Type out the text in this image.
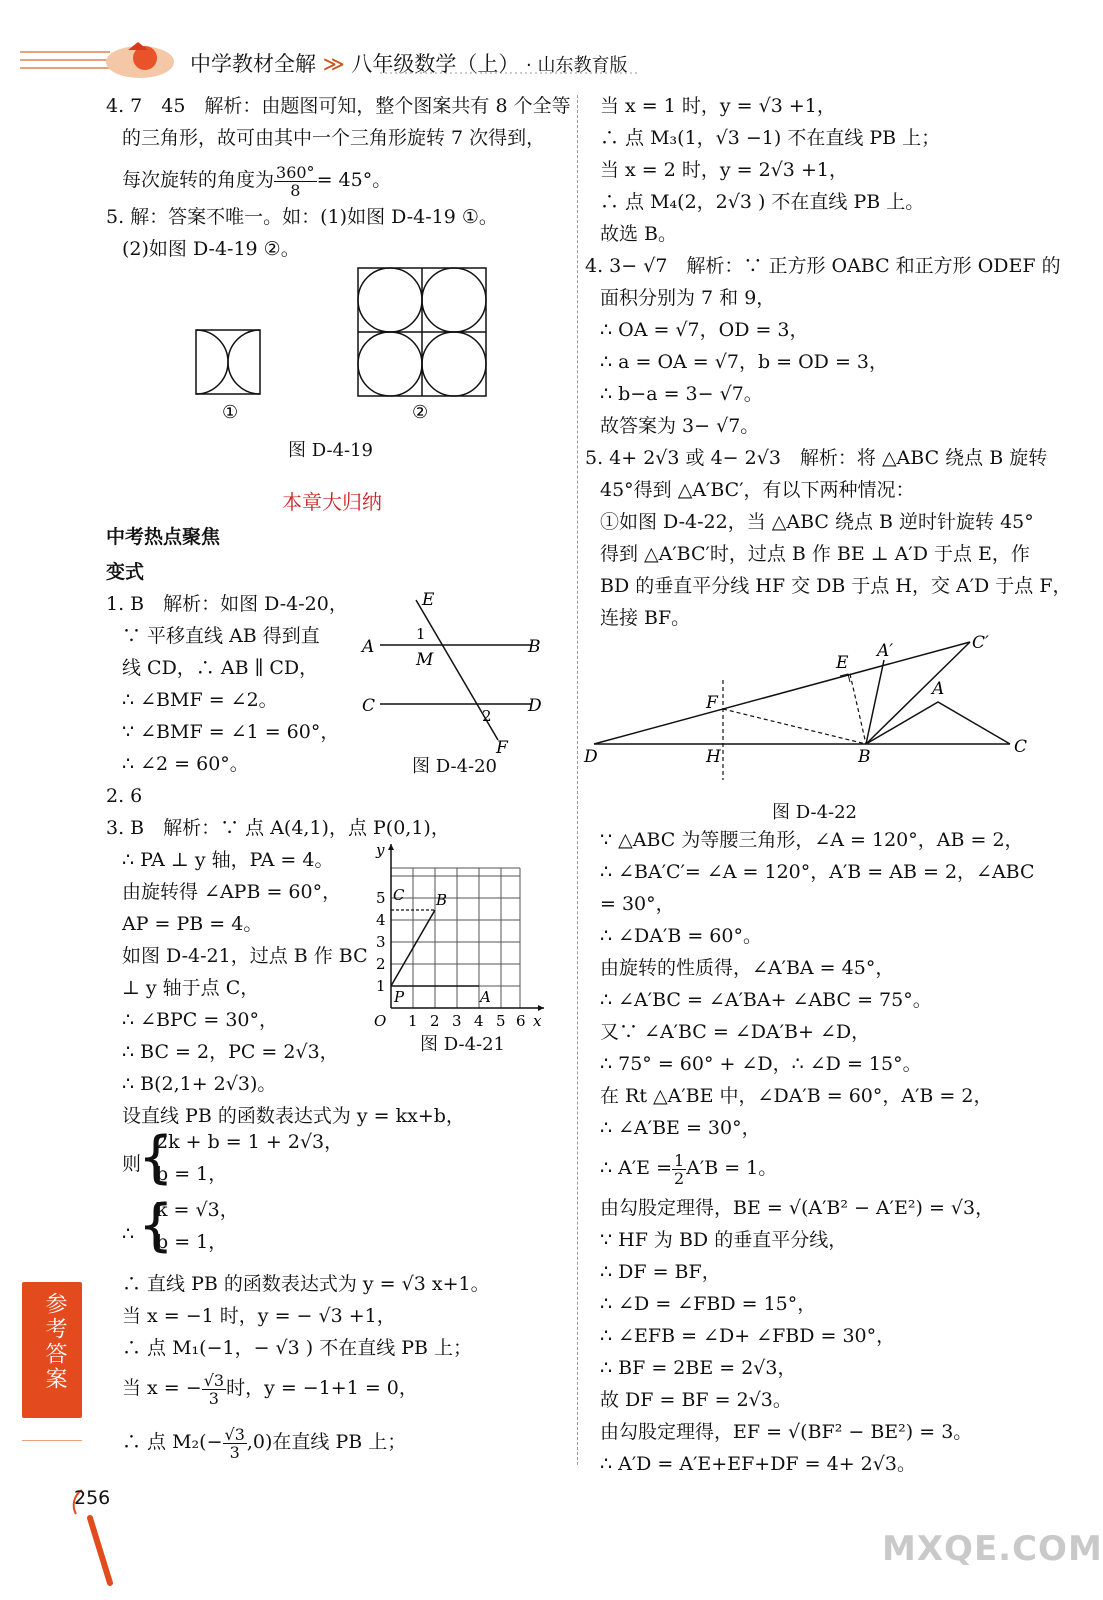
中学教材全解 ≫ 八年级数学（上） · 山东教育版
4. 7　45　解析：由题图可知，整个图案共有 8 个全等
的三角形，故可由其中一个三角形旋转 7 次得到，
每次旋转的角度为 $\frac{360^\circ}{8} = 45^\circ$。
5. 解：答案不唯一。如：(1)如图 D-4-19 ①。
(2)如图 D-4-19 ②。
①	②
图 D-4-19
本章大归纳
中考热点聚焦
变式
1. B　解析：如图 D-4-20，
∵ 平移直线 AB 得到直
线 CD，∴ AB ∥ CD，
∴ ∠BMF = ∠2。
∵ ∠BMF = ∠1 = 60°，
∴ ∠2 = 60°。
E
A	B
1
M
C	D
2
F
图 D-4-20
2. 6
3. B　解析：∵ 点 A(4,1)，点 P(0,1)，
∴ PA ⊥ y 轴，PA = 4。
由旋转得 ∠APB = 60°，
AP = PB = 4。
如图 D-4-21，过点 B 作 BC
⊥ y 轴于点 C，
∴ ∠BPC = 30°，
∴ BC = 2，PC = 2√3，
∴ B(2,1+ 2√3)。
y
x
O
C B
P	A
1
2
3
4
5
1 2 3 4 5 6
图 D-4-21
设直线 PB 的函数表达式为 y = kx+b，
则
{
2k + b = 1 + 2√3，
b = 1，
∴ {
k = √3，
b = 1，
∴ 直线 PB 的函数表达式为 y = √3 x+1。
当 x = −1 时，y = − √3 +1，
∴ 点 M₁(−1，− √3 ) 不在直线 PB 上；
当 x = − $\frac{√3}{3}$ 时，y = −1+1 = 0，
∴ 点 $M_2(- \frac{√3}{3} ,0)$在直线 PB 上；
当 x = 1 时，y = √3 +1，
∴ 点 M₃(1，√3 −1) 不在直线 PB 上；
当 x = 2 时，y = 2√3 +1，
∴ 点 M₄(2，2√3 ) 不在直线 PB 上。
故选 B。
4. 3− √7　解析：∵ 正方形 OABC 和正方形 ODEF 的
面积分别为 7 和 9，
∴ OA = √7，OD = 3，
∴ a = OA = √7，b = OD = 3，
∴ b−a = 3− √7。
故答案为 3− √7。
5. 4+ 2√3 或 4− 2√3　解析：将 △ABC 绕点 B 旋转
45°得到 △A′BC′，有以下两种情况：
①如图 D-4-22，当 △ABC 绕点 B 逆时针旋转 45°
得到 △A′BC′时，过点 B 作 BE ⊥ A′D 于点 E，作
BD 的垂直平分线 HF 交 DB 于点 H，交 A′D 于点 F，
连接 BF。
C′
E
A′
A
F
D	H	B	C
图 D-4-22
∵ △ABC 为等腰三角形，∠A = 120°，AB = 2，
∴ ∠BA′C′= ∠A = 120°，A′B = AB = 2，∠ABC
= 30°，
∴ ∠DA′B = 60°。
由旋转的性质得，∠A′BA = 45°，
∴ ∠A′BC = ∠A′BA+ ∠ABC = 75°。
又∵ ∠A′BC = ∠DA′B+ ∠D，
∴ 75° = 60° + ∠D，∴ ∠D = 15°。
在 Rt △A′BE 中，∠DA′B = 60°，A′B = 2，
∴ ∠A′BE = 30°，
∴ $A'E = \frac{1}{2} A'B = 1$。
由勾股定理得，BE = √(A′B² − A′E²) = √3，
∵ HF 为 BD 的垂直平分线，
∴ DF = BF，
∴ ∠D = ∠FBD = 15°，
∴ ∠EFB = ∠D+ ∠FBD = 30°，
∴ BF = 2BE = 2√3，
故 DF = BF = 2√3。
由勾股定理得，EF = √(BF² − BE²) = 3。
∴ A′D = A′E+EF+DF = 4+ 2√3。
参考答案
256
MXQE.COM
